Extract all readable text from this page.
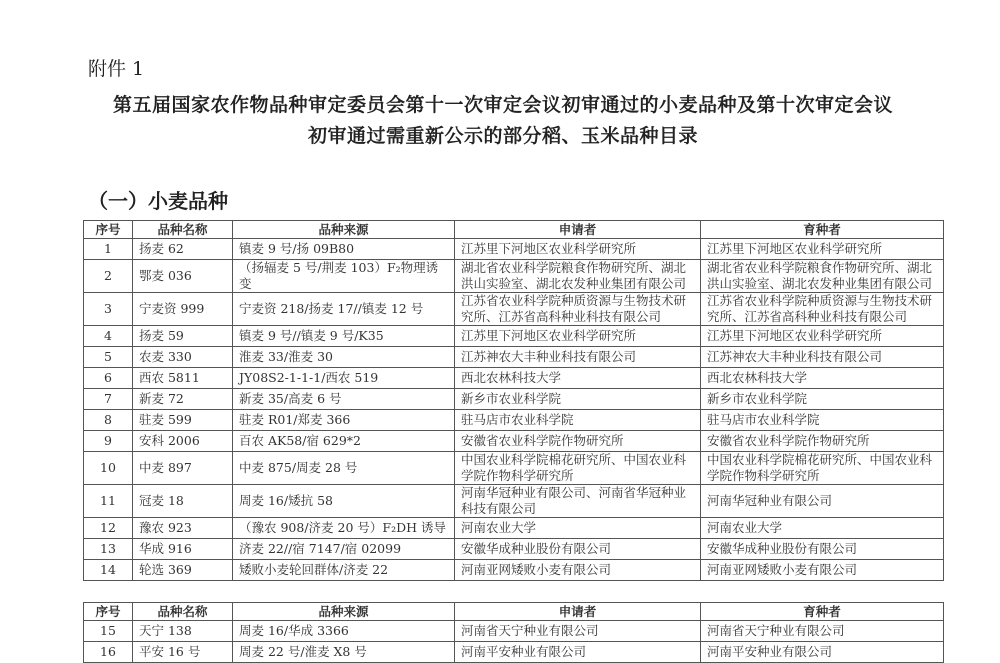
附件 1
第五届国家农作物品种审定委员会第十一次审定会议初审通过的小麦品种及第十次审定会议
初审通过需重新公示的部分稻、玉米品种目录
（一）小麦品种
序号	品种名称	品种来源	申请者	育种者
1	扬麦 62	镇麦 9 号/扬 09B80	江苏里下河地区农业科学研究所	江苏里下河地区农业科学研究所
2	鄂麦 036	（扬辐麦 5 号/荆麦 103）F₂物理诱变	湖北省农业科学院粮食作物研究所、湖北洪山实验室、湖北农发种业集团有限公司	湖北省农业科学院粮食作物研究所、湖北洪山实验室、湖北农发种业集团有限公司
3	宁麦资 999	宁麦资 218/扬麦 17//镇麦 12 号	江苏省农业科学院种质资源与生物技术研究所、江苏省高科种业科技有限公司	江苏省农业科学院种质资源与生物技术研究所、江苏省高科种业科技有限公司
4	扬麦 59	镇麦 9 号//镇麦 9 号/K35	江苏里下河地区农业科学研究所	江苏里下河地区农业科学研究所
5	农麦 330	淮麦 33/淮麦 30	江苏神农大丰种业科技有限公司	江苏神农大丰种业科技有限公司
6	西农 5811	JY08S2-1-1-1/西农 519	西北农林科技大学	西北农林科技大学
7	新麦 72	新麦 35/高麦 6 号	新乡市农业科学院	新乡市农业科学院
8	驻麦 599	驻麦 R01/郑麦 366	驻马店市农业科学院	驻马店市农业科学院
9	安科 2006	百农 AK58/宿 629*2	安徽省农业科学院作物研究所	安徽省农业科学院作物研究所
10	中麦 897	中麦 875/周麦 28 号	中国农业科学院棉花研究所、中国农业科学院作物科学研究所	中国农业科学院棉花研究所、中国农业科学院作物科学研究所
11	冠麦 18	周麦 16/矮抗 58	河南华冠种业有限公司、河南省华冠种业科技有限公司	河南华冠种业有限公司
12	豫农 923	（豫农 908/济麦 20 号）F₂DH 诱导	河南农业大学	河南农业大学
13	华成 916	济麦 22//宿 7147/宿 02099	安徽华成种业股份有限公司	安徽华成种业股份有限公司
14	轮选 369	矮败小麦轮回群体/济麦 22	河南亚网矮败小麦有限公司	河南亚网矮败小麦有限公司
序号	品种名称	品种来源	申请者	育种者
15	天宁 138	周麦 16/华成 3366	河南省天宁种业有限公司	河南省天宁种业有限公司
16	平安 16 号	周麦 22 号/淮麦 X8 号	河南平安种业有限公司	河南平安种业有限公司
